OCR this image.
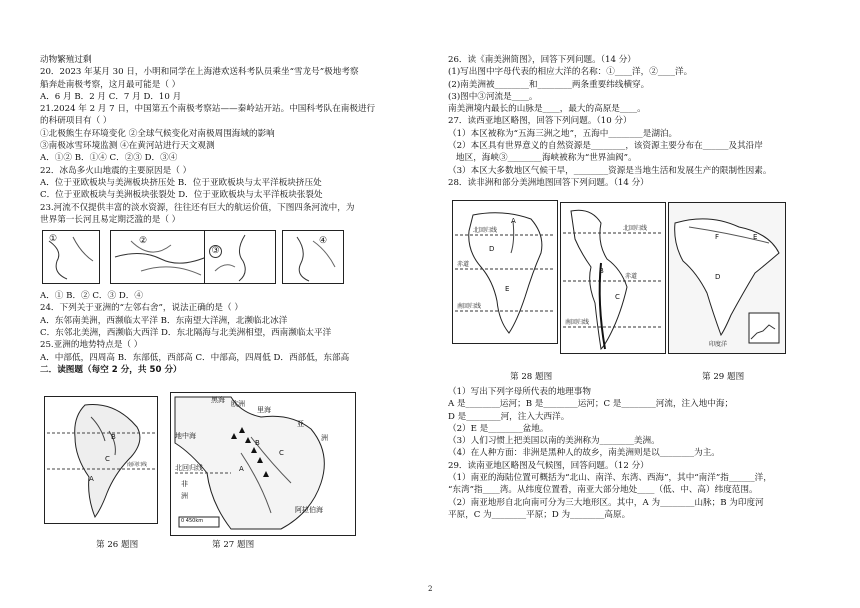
动物繁殖过剩
20．2023 年某月 30 日，小明和同学在上海港欢送科考队员乘坐“雪龙号”极地考察
船奔赴南极考察，这月最可能是（ ）
A．6 月 B．2 月 C．7 月 D．10 月
21.2024 年 2 月 7 日，中国第五个南极考察站——秦岭站开站。中国科考队在南极进行
的科研项目有（ ）
①北极熊生存环境变化 ②全球气候变化对南极周围海域的影响
③南极冰雪环境监测 ④在黄河站进行天文观测
A．①② B．①④ C．②③ D．③④
22．冰岛多火山地震的主要原因是（ ）
A．位于亚欧板块与美洲板块挤压处 B．位于亚欧板块与太平洋板块挤压处
C．位于亚欧板块与美洲板块张裂处 D．位于亚欧板块与太平洋板块张裂处
23.河流不仅提供丰富的淡水资源，往往还有巨大的航运价值，下图四条河流中，为
世界第一长河且易定期泛滥的是（ ）
①	②
③
④
A．① B．② C．③ D．④
24．下列关于亚洲的“左邻右舍”，说法正确的是（ ）
A．东邻南美洲，西濒临太平洋 B．东南望大洋洲，北濒临北冰洋
C．东邻北美洲，西濒临大西洋 D．东北隔海与北美洲相望，西南濒临太平洋
25.亚洲的地势特点是（ ）
A．中部低，四周高 B．东部低，西部高 C．中部高，四周低 D．西部低，东部高
二．读图题（每空 2 分，共 50 分）
A
B
C
南回归线
第 26 题图
黑海 欧洲
里海
亚
洲
地中海
北回归线
非
洲
阿拉伯海
A
B
C
0 450km
第 27 题图
26．读《南美洲简图》，回答下列问题。（14 分）
(1)写出图中字母代表的相应大洋的名称：①____洋，②____洋。
(2)南美洲被________和________两条重要纬线横穿。
(3)图中③河流是____。
南美洲境内最长的山脉是____，最大的高原是____。
27．读西亚地区略图，回答下列问题。（10 分）
（1）本区被称为“五海三洲之地”，五海中________是湖泊。
（2）本区具有世界意义的自然资源是________，该资源主要分布在______及其沿岸
地区，海峡③________海峡被称为“世界油阀”。
（3）本区大多数地区气候干旱，________资源是当地生活和发展生产的限制性因素。
28．读非洲和部分美洲地图回答下列问题。（14 分）
北回归线
赤道
南回归线
A
D
E
北回归线
赤道
南回归线
B
C
F	E
D
印度洋
第 28 题图	第 29 题图
（1）写出下列字母所代表的地理事物
A 是________运河；B 是________运河；C 是________河流，注入地中海；
D 是________河，注入大西洋。
（2）E 是________盆地。
（3）人们习惯上把美国以南的美洲称为________美洲。
（4）在人种方面：非洲是黑种人的故乡，南美洲则是以________为主。
29．读南亚地区略图及气候图，回答问题。（12 分）
（1）南亚的海陆位置可概括为“北山、南洋、东湾、西海”，其中“南洋”指______洋，
“东湾”指____湾。从纬度位置看，南亚大部分地处____（低、中、高）纬度范围。
（2）南亚地形自北向南可分为三大地形区。其中，A 为________山脉；B 为印度河
平原，C 为________平原；D 为________高原。
2
